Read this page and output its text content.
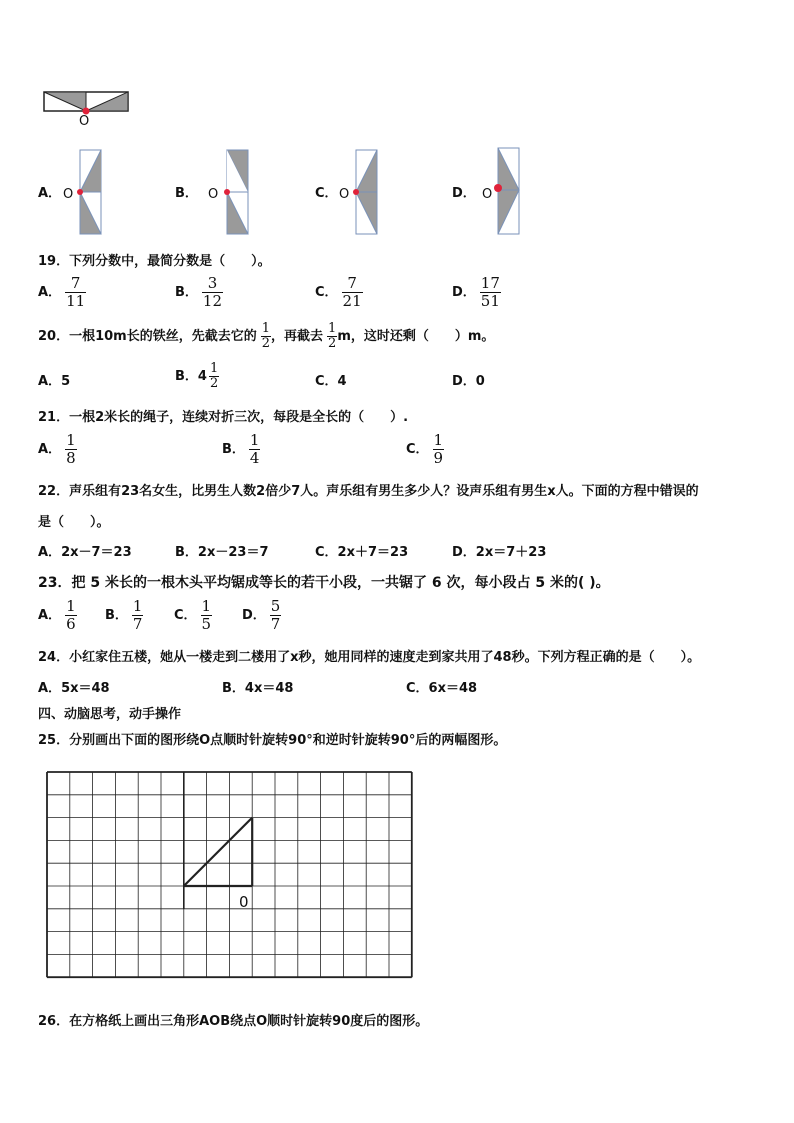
O
A． O	B． O	C． O	D． O
19．下列分数中，最简分数是（　　）。
A． $\frac{7}{11}$	B． $\frac{3}{12}$	C． $\frac{7}{21}$	D． $\frac{17}{51}$
20．一根10m长的铁丝，先截去它的 $\frac{1}{2}$ ，再截去 $\frac{1}{2}$ m，这时还剩（　　）m。
A．5	B．$4 \frac{1}{2}$	C．4	D．0
21．一根2米长的绳子，连续对折三次，每段是全长的（　　）.
A． $\frac{1}{8}$	B． $\frac{1}{4}$	C． $\frac{1}{9}$
22．声乐组有23名女生，比男生人数2倍少7人。声乐组有男生多少人？设声乐组有男生x人。下面的方程中错误的
是（　　）。
A．2x－7＝23	B．2x－23＝7	C．2x＋7＝23	D．2x＝7＋23
23．把 5 米长的一根木头平均锯成等长的若干小段，一共锯了 6 次，每小段占 5 米的( )。
A． $\frac{1}{6}$ B． $\frac{1}{7}$ C． $\frac{1}{5}$ D． $\frac{5}{7}$
24．小红家住五楼，她从一楼走到二楼用了x秒，她用同样的速度走到家共用了48秒。下列方程正确的是（　　）。
A．5x＝48	B．4x＝48	C．6x＝48
四、动脑思考，动手操作
25．分别画出下面的图形绕O点顺时针旋转90°和逆时针旋转90°后的两幅图形。
0
26．在方格纸上画出三角形AOB绕点O顺时针旋转90度后的图形。
